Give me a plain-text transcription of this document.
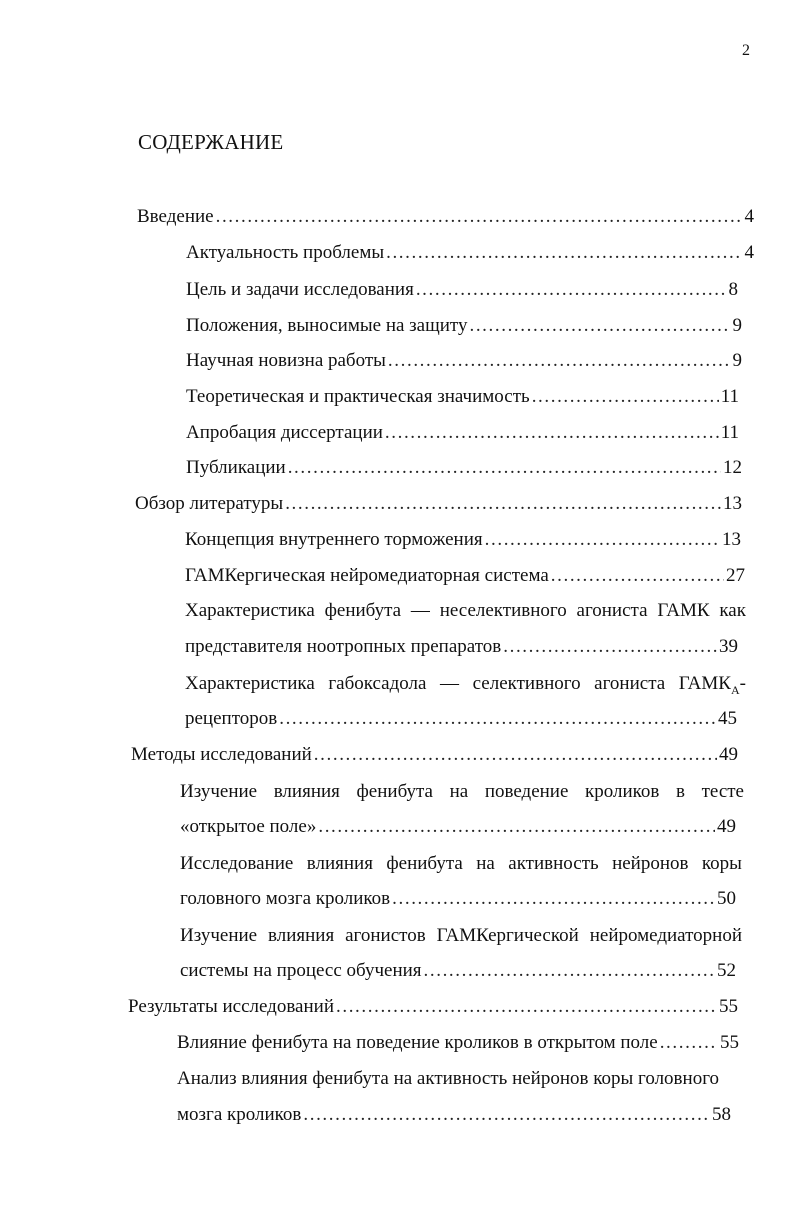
2
СОДЕРЖАНИЕ
Введение .....	4
Актуальность проблемы .....	4
Цель и задачи исследования .....	8
Положения, выносимые на защиту .....	9
Научная новизна работы .....	9
Теоретическая и практическая значимость .....	11
Апробация диссертации .....	11
Публикации .....	12
Обзор литературы .....	13
Концепция внутреннего торможения .....	13
ГАМКергическая нейромедиаторная система .....	27
Характеристика фенибута — неселективного агониста ГАМК как
представителя ноотропных препаратов .....	39
Характеристика габоксадола — селективного агониста $ГАМК_A-$
рецепторов .....	45
Методы исследований .....	49
Изучение влияния фенибута на поведение кроликов в тесте
«открытое поле» .....	49
Исследование влияния фенибута на активность нейронов коры
головного мозга кроликов .....	50
Изучение влияния агонистов ГАМКергической нейромедиаторной
системы на процесс обучения .....	52
Результаты исследований .....	55
Влияние фенибута на поведение кроликов в открытом поле .....	55
Анализ влияния фенибута на активность нейронов коры головного
мозга кроликов .....	58
